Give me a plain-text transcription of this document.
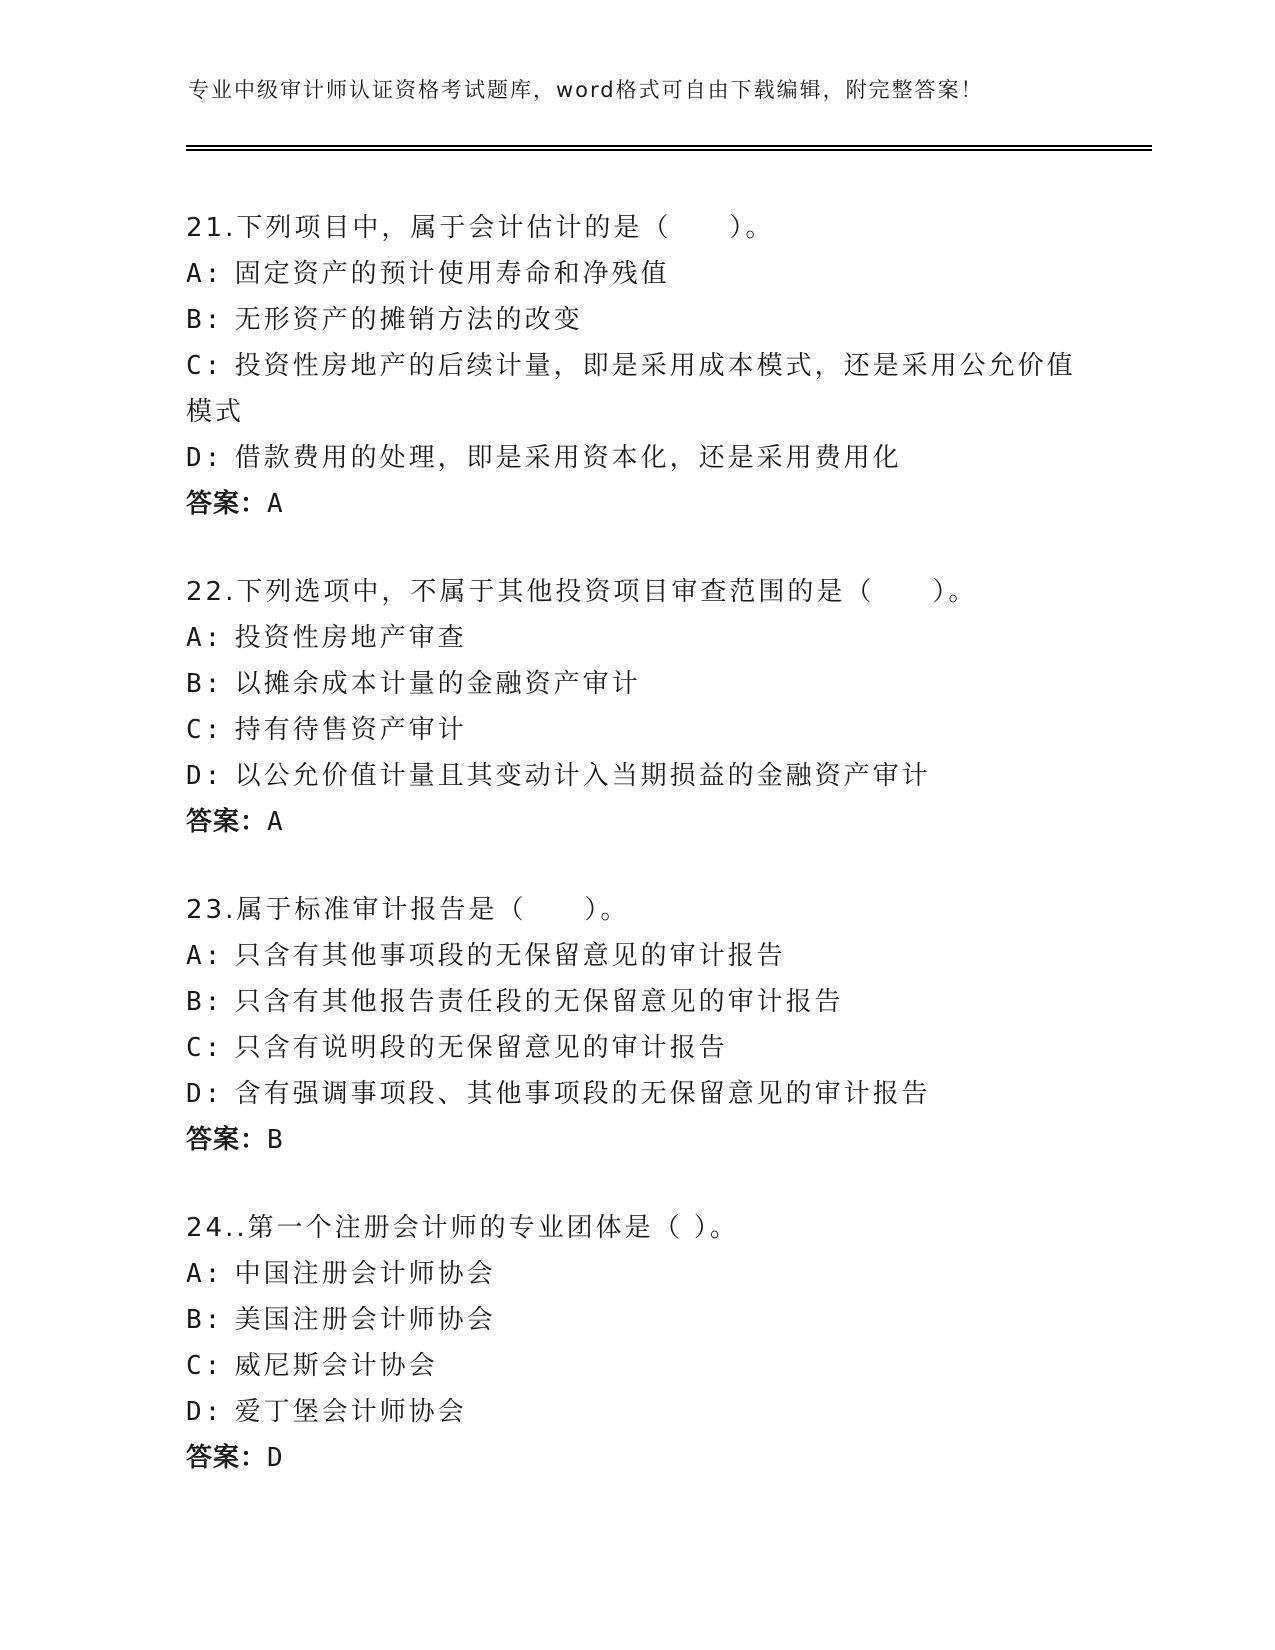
专业中级审计师认证资格考试题库，word格式可自由下载编辑，附完整答案！
21.下列项目中，属于会计估计的是（　　）。
A: 固定资产的预计使用寿命和净残值
B: 无形资产的摊销方法的改变
C: 投资性房地产的后续计量，即是采用成本模式，还是采用公允价值模式
D: 借款费用的处理，即是采用资本化，还是采用费用化
答案：A
22.下列选项中，不属于其他投资项目审查范围的是（　　）。
A: 投资性房地产审查
B: 以摊余成本计量的金融资产审计
C: 持有待售资产审计
D: 以公允价值计量且其变动计入当期损益的金融资产审计
答案：A
23.属于标准审计报告是（　　）。
A: 只含有其他事项段的无保留意见的审计报告
B: 只含有其他报告责任段的无保留意见的审计报告
C: 只含有说明段的无保留意见的审计报告
D: 含有强调事项段、其他事项段的无保留意见的审计报告
答案：B
24..第一个注册会计师的专业团体是（ ）。
A: 中国注册会计师协会
B: 美国注册会计师协会
C: 威尼斯会计协会
D: 爱丁堡会计师协会
答案：D
